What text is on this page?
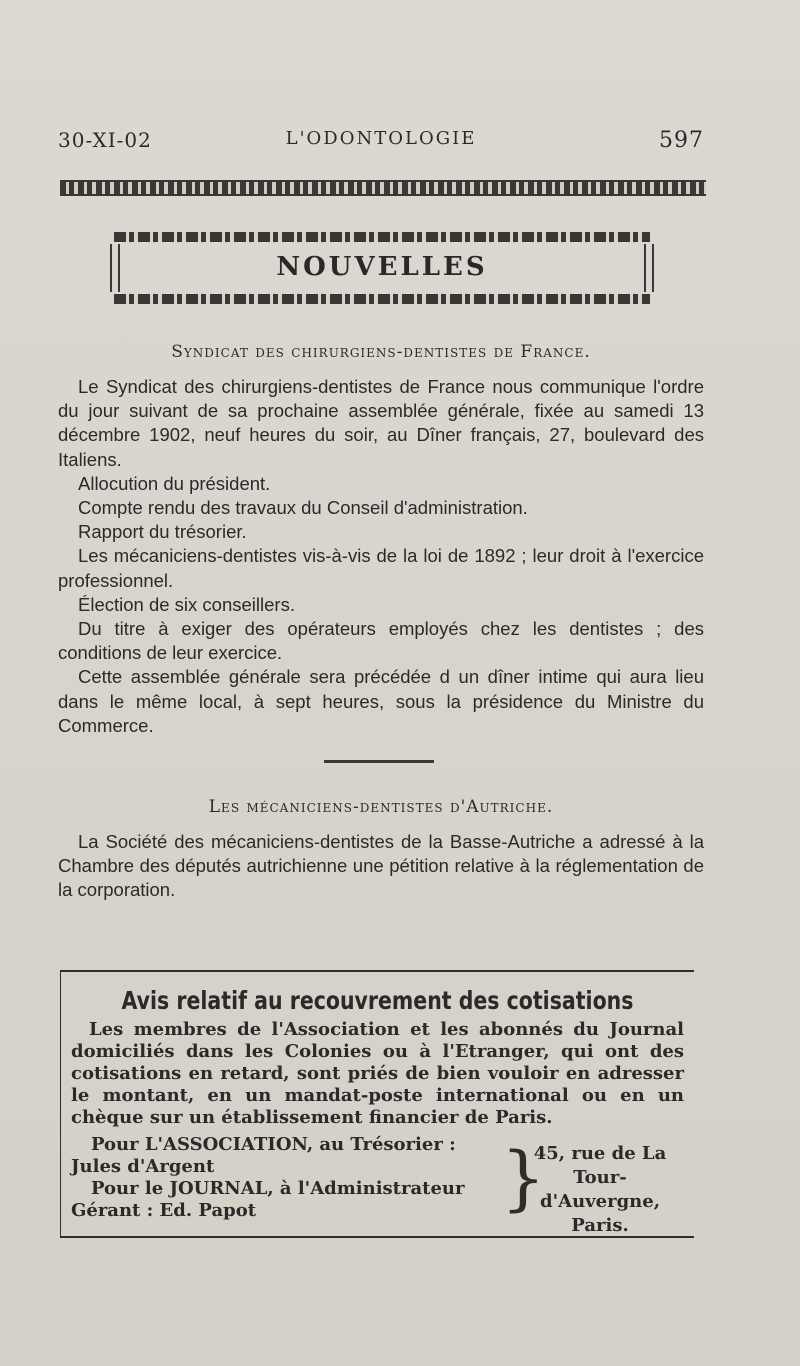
30-XI-02	L'ODONTOLOGIE	597
NOUVELLES
Syndicat des chirurgiens-dentistes de France.

Le Syndicat des chirurgiens-dentistes de France nous communique l'ordre du jour suivant de sa prochaine assemblée générale, fixée au samedi 13 décembre 1902, neuf heures du soir, au Dîner français, 27, boulevard des Italiens.

Allocution du président.

Compte rendu des travaux du Conseil d'administration.

Rapport du trésorier.

Les mécaniciens-dentistes vis-à-vis de la loi de 1892 ; leur droit à l'exercice professionnel.

Élection de six conseillers.

Du titre à exiger des opérateurs employés chez les dentistes ; des conditions de leur exercice.

Cette assemblée générale sera précédée d un dîner intime qui aura lieu dans le même local, à sept heures, sous la présidence du Ministre du Commerce.

Les mécaniciens-dentistes d'Autriche.

La Société des mécaniciens-dentistes de la Basse-Autriche a adressé à la Chambre des députés autrichienne une pétition relative à la réglementation de la corporation.

Avis relatif au recouvrement des cotisations
Les membres de l'Association et les abonnés du Journal domiciliés dans les Colonies ou à l'Etranger, qui ont des cotisations en retard, sont priés de bien vouloir en adresser le montant, en un mandat-poste international ou en un chèque sur un établissement financier de Paris.
Pour L'ASSOCIATION, au Trésorier : Jules d'Argent
Pour le JOURNAL, à l'Administrateur Gérant : Ed. Papot	}
45, rue de La Tour-d'Auvergne, Paris.
